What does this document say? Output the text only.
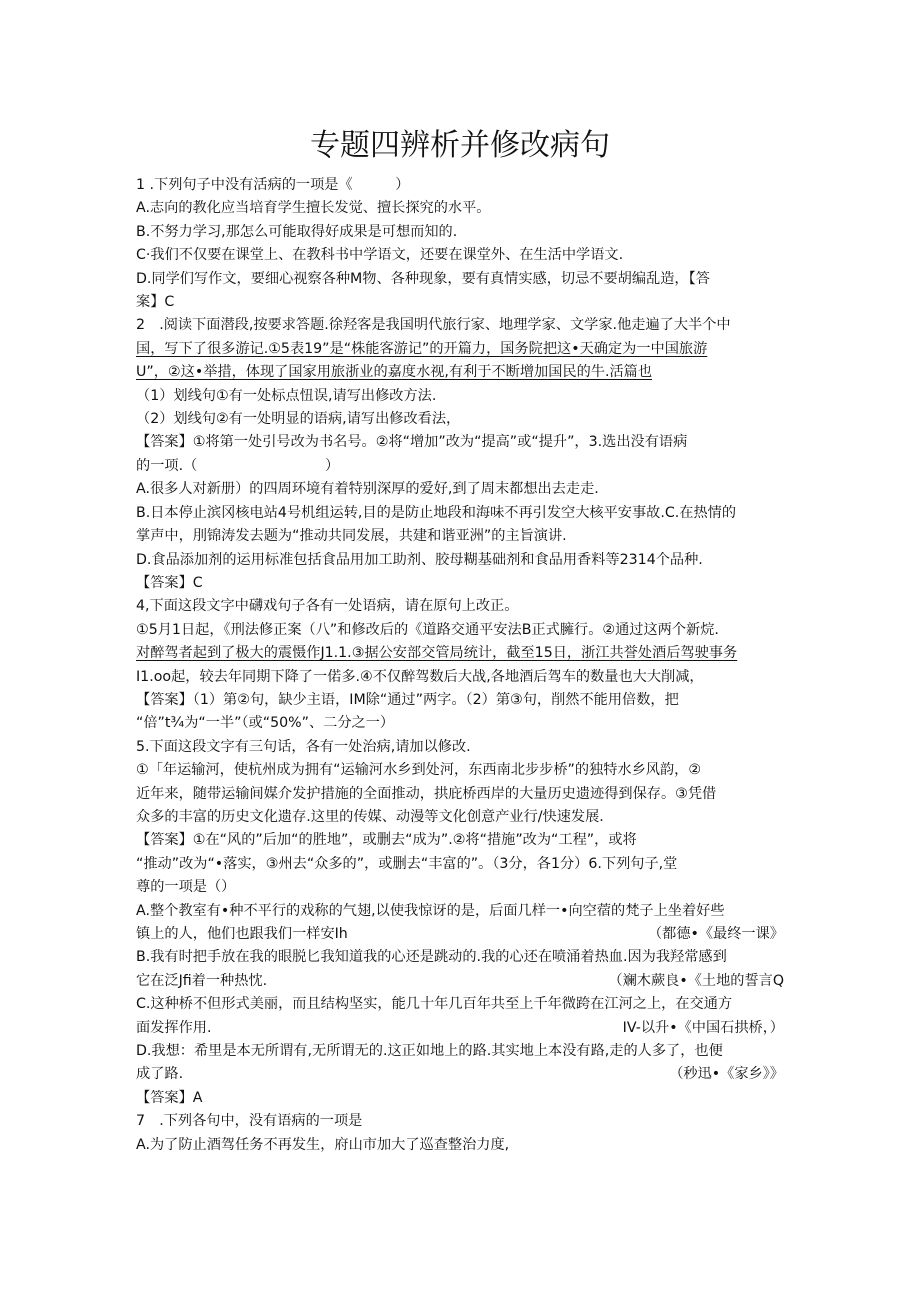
专题四辨析并修改病句
1 .下列句子中没有活病的一项是《　　　）
A.志向的教化应当培育学生擅长发觉、擅长探究的水平。
B.不努力学习,那怎么可能取得好成果是可想而知的.
C·我们不仅要在课堂上、在教科书中学语文，还要在课堂外、在生活中学语文.
D.同学们写作文，要细心视察各种M物、各种现象，要有真情实感，切忌不要胡编乱造，【答
案】C
2　.阅读下面潜段,按要求答题.徐羟客是我国明代旅行家、地理学家、文学家.他走遍了大半个中
国，写下了很多游记.①5表19”是“株能客游记”的开篇力，国务院把这•天确定为一中国旅游
U”，②这•举措，体现了国家用旅浙业的嘉度水视,有利于不断增加国民的牛.活篇也
（1）划线句①有一处标点忸误,请写出修改方法.
（2）划线句②有一处明显的语病,请写出修改看法，
【答案】①将第一处引号改为书名号。②将“增加”改为“提高”或“提升”，3.选出没有语病
的一项.（　　　　　　　　　）
A.很多人对新册）的四周环境有着特别深厚的爱好,到了周末都想出去走走.
B.日本停止滨冈核电站4号机组运转,目的是防止地段和海味不再引发空大核平安事故.C.在热情的
掌声中，刖锦涛发去题为“推动共同发展，共建和谐亚洲”的主旨演讲.
D.食品添加剂的运用标准包括食品用加工助剂、胶母糊基础剂和食品用香料等2314个品种.
【答案】C
4,下面这段文字中礴戏句子各有一处语病，请在原句上改正。
①5月1日起，《刑法修正案（八”和修改后的《道路交通平安法B正式臃行。②通过这两个新烷.
对醉驾者起到了极大的震慑作J1.1.③据公安部交管局统计，截至15日，浙江共誉处酒后驾驶事务
I1.oo起，较去年同期下降了一偌多.④不仅醉驾数后大战,各地酒后驾车的数量也大大削减，
【答案】（1）第②句，缺少主语，IM除“通过”两字。（2）第③句，削然不能用倍数，把
“倍”t¾为“一半”（或“50%”、二分之一）
5.下面这段文字有三句话，各有一处治病,请加以修改.
①「年运输河，使杭州成为拥有“运输河水乡到处河，东西南北步步桥”的独特水乡风韵，②
近年来，随带运输间媒介发护措施的全面推动，拱庇桥西岸的大量历史遗迹得到保存。③凭借
众多的丰富的历史文化遗存.这里的传媒、动漫等文化创意产业行/快速发展.
【答案】①在“风的”后加“的胜地”，或删去“成为”.②将“措施”改为“工程”，或将
“推动”改为“•落实，③州去“众多的”，或删去“丰富的”。（3分，各1分）6.下列句子,堂
尊的一项是（）
A.整个教室有•种不平行的戏称的气翅,以使我惊讶的是，后面几样一•向空蓿的梵子上坐着好些
镇上的人，他们也跟我们一样安Ih	（都德•《最终一课》
B.我有时把手放在我的眼脱匕我知道我的心还是跳动的.我的心还在喷涌着热血.因为我羟常感到
它在泛Jfi着一种热忱.	（斓木蕨良•《土地的誓言Q
C.这种桥不但形式美丽，而且结构坚实，能几十年几百年共至上千年微跨在江河之上，在交通方
面发挥作用.	IV-以升•《中国石拱桥，）
D.我想：希里是本无所谓有,无所谓无的.这正如地上的路.其实地上本没有路,走的人多了，也便
成了路.	（秒迅•《家乡》》
【答案】A
7　.下列各句中，没有语病的一项是
A.为了防止酒驾任务不再发生，府山市加大了巡查整治力度,
